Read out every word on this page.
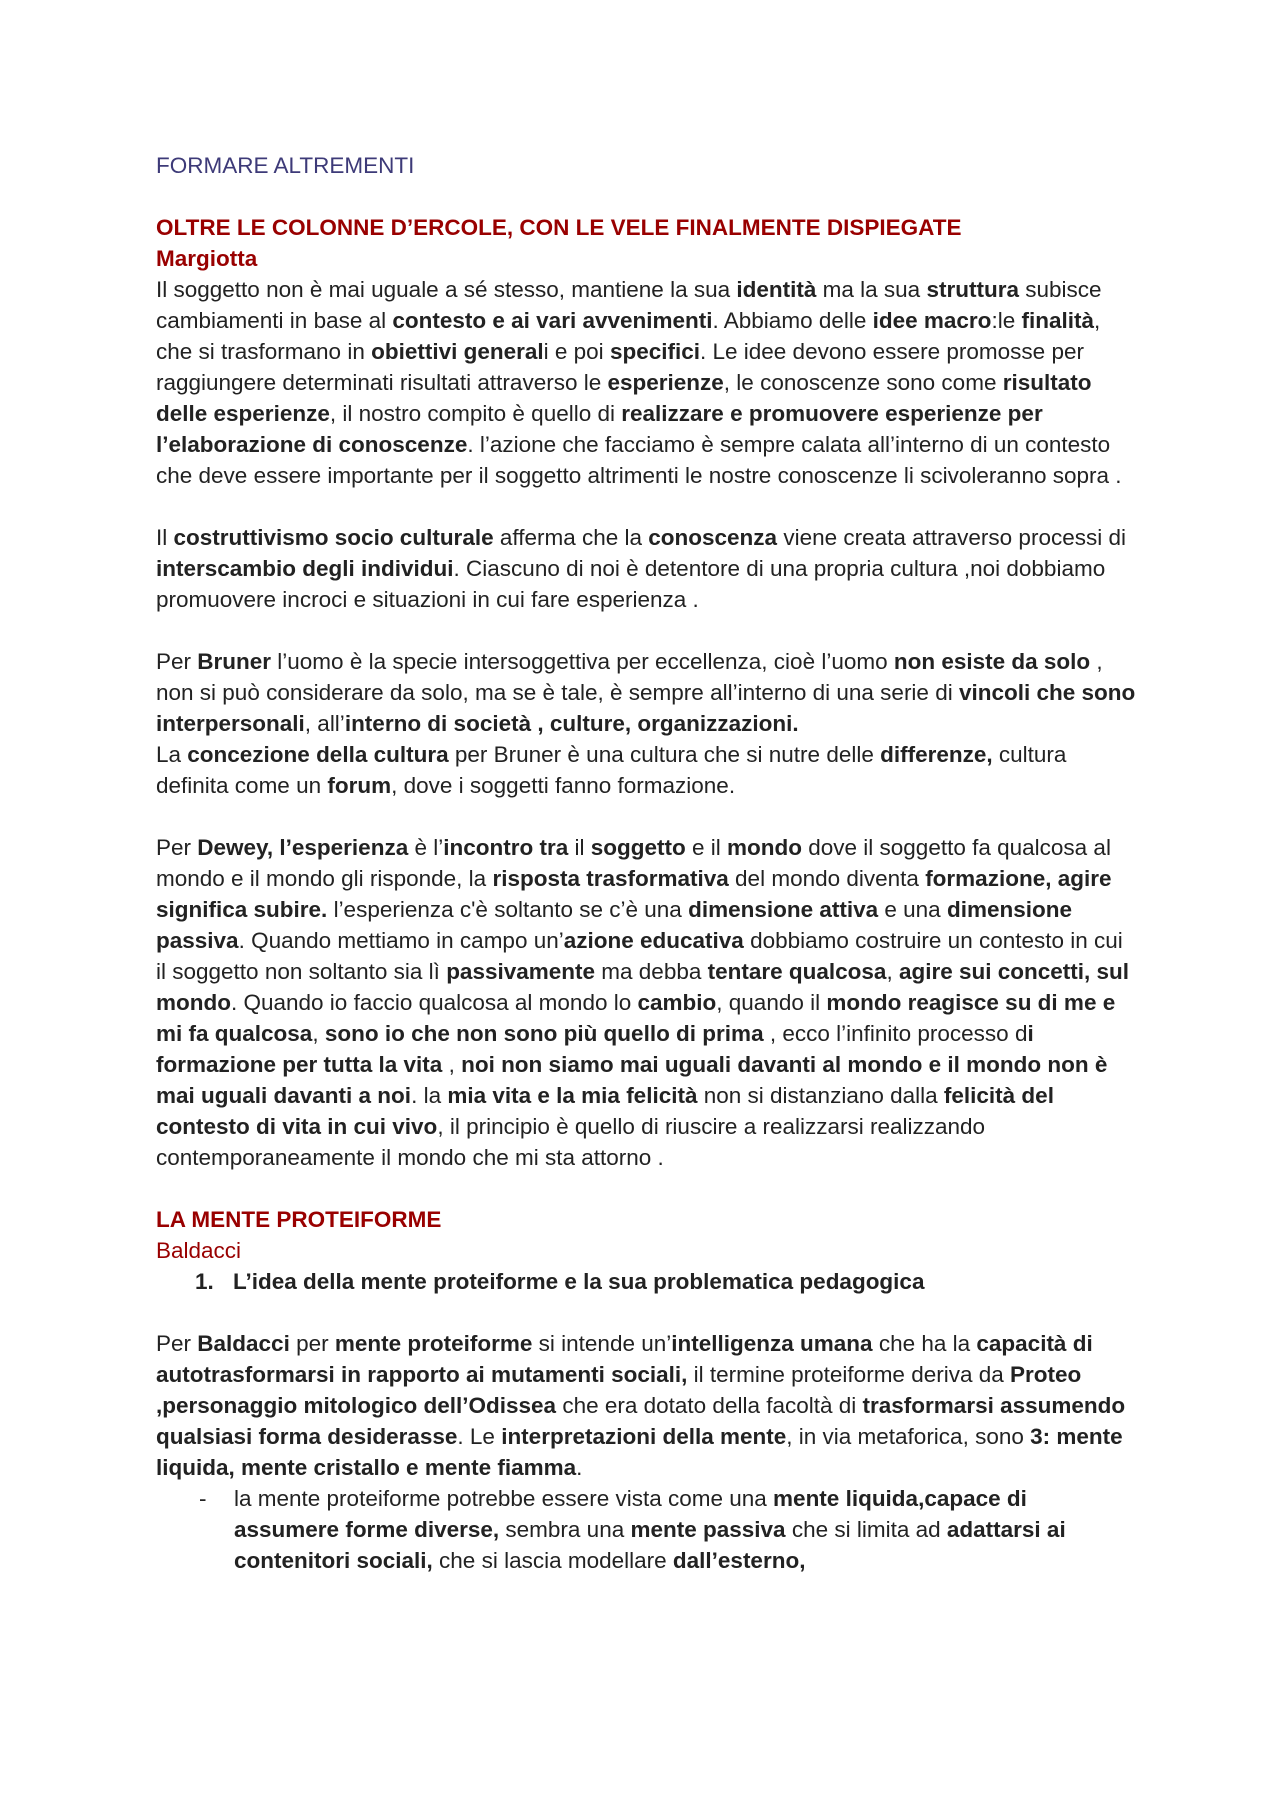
FORMARE ALTREMENTI
OLTRE LE COLONNE D’ERCOLE, CON LE VELE FINALMENTE DISPIEGATE

Margiotta

Il soggetto non è mai uguale a sé stesso, mantiene la sua identità ma la sua struttura subisce cambiamenti in base al contesto e ai vari avvenimenti. Abbiamo delle idee macro:le finalità, che si trasformano in obiettivi generali e poi specifici. Le idee devono essere promosse per raggiungere determinati risultati attraverso le esperienze, le conoscenze sono come risultato delle esperienze, il nostro compito è quello di realizzare e promuovere esperienze per l’elaborazione di conoscenze. l’azione che facciamo è sempre calata all’interno di un contesto che deve essere importante per il soggetto altrimenti le nostre conoscenze li scivoleranno sopra .

Il costruttivismo socio culturale afferma che la conoscenza viene creata attraverso processi di interscambio degli individui. Ciascuno di noi è detentore di una propria cultura ,noi dobbiamo promuovere incroci e situazioni in cui fare esperienza .

Per Bruner l’uomo è la specie intersoggettiva per eccellenza, cioè l’uomo non esiste da solo , non si può considerare da solo, ma se è tale, è sempre all’interno di una serie di vincoli che sono interpersonali, all’interno di società , culture, organizzazioni.

La concezione della cultura per Bruner è una cultura che si nutre delle differenze, cultura definita come un forum, dove i soggetti fanno formazione.

Per Dewey, l’esperienza è l’incontro tra il soggetto e il mondo dove il soggetto fa qualcosa al mondo e il mondo gli risponde, la risposta trasformativa del mondo diventa formazione, agire significa subire. l’esperienza c'è soltanto se c’è una dimensione attiva e una dimensione passiva. Quando mettiamo in campo un’azione educativa dobbiamo costruire un contesto in cui il soggetto non soltanto sia lì passivamente ma debba tentare qualcosa, agire sui concetti, sul mondo. Quando io faccio qualcosa al mondo lo cambio, quando il mondo reagisce su di me e mi fa qualcosa, sono io che non sono più quello di prima , ecco l’infinito processo di formazione per tutta la vita , noi non siamo mai uguali davanti al mondo e il mondo non è mai uguali davanti a noi. la mia vita e la mia felicità non si distanziano dalla felicità del contesto di vita in cui vivo, il principio è quello di riuscire a realizzarsi realizzando contemporaneamente il mondo che mi sta attorno .

LA MENTE PROTEIFORME

Baldacci

1. L’idea della mente proteiforme e la sua problematica pedagogica

Per Baldacci per mente proteiforme si intende un’intelligenza umana che ha la capacità di autotrasformarsi in rapporto ai mutamenti sociali, il termine proteiforme deriva da Proteo ,personaggio mitologico dell’Odissea che era dotato della facoltà di trasformarsi assumendo qualsiasi forma desiderasse. Le interpretazioni della mente, in via metaforica, sono 3: mente liquida, mente cristallo e mente fiamma.

-	la mente proteiforme potrebbe essere vista come una mente liquida,capace di assumere forme diverse, sembra una mente passiva che si limita ad adattarsi ai contenitori sociali, che si lascia modellare dall’esterno,
